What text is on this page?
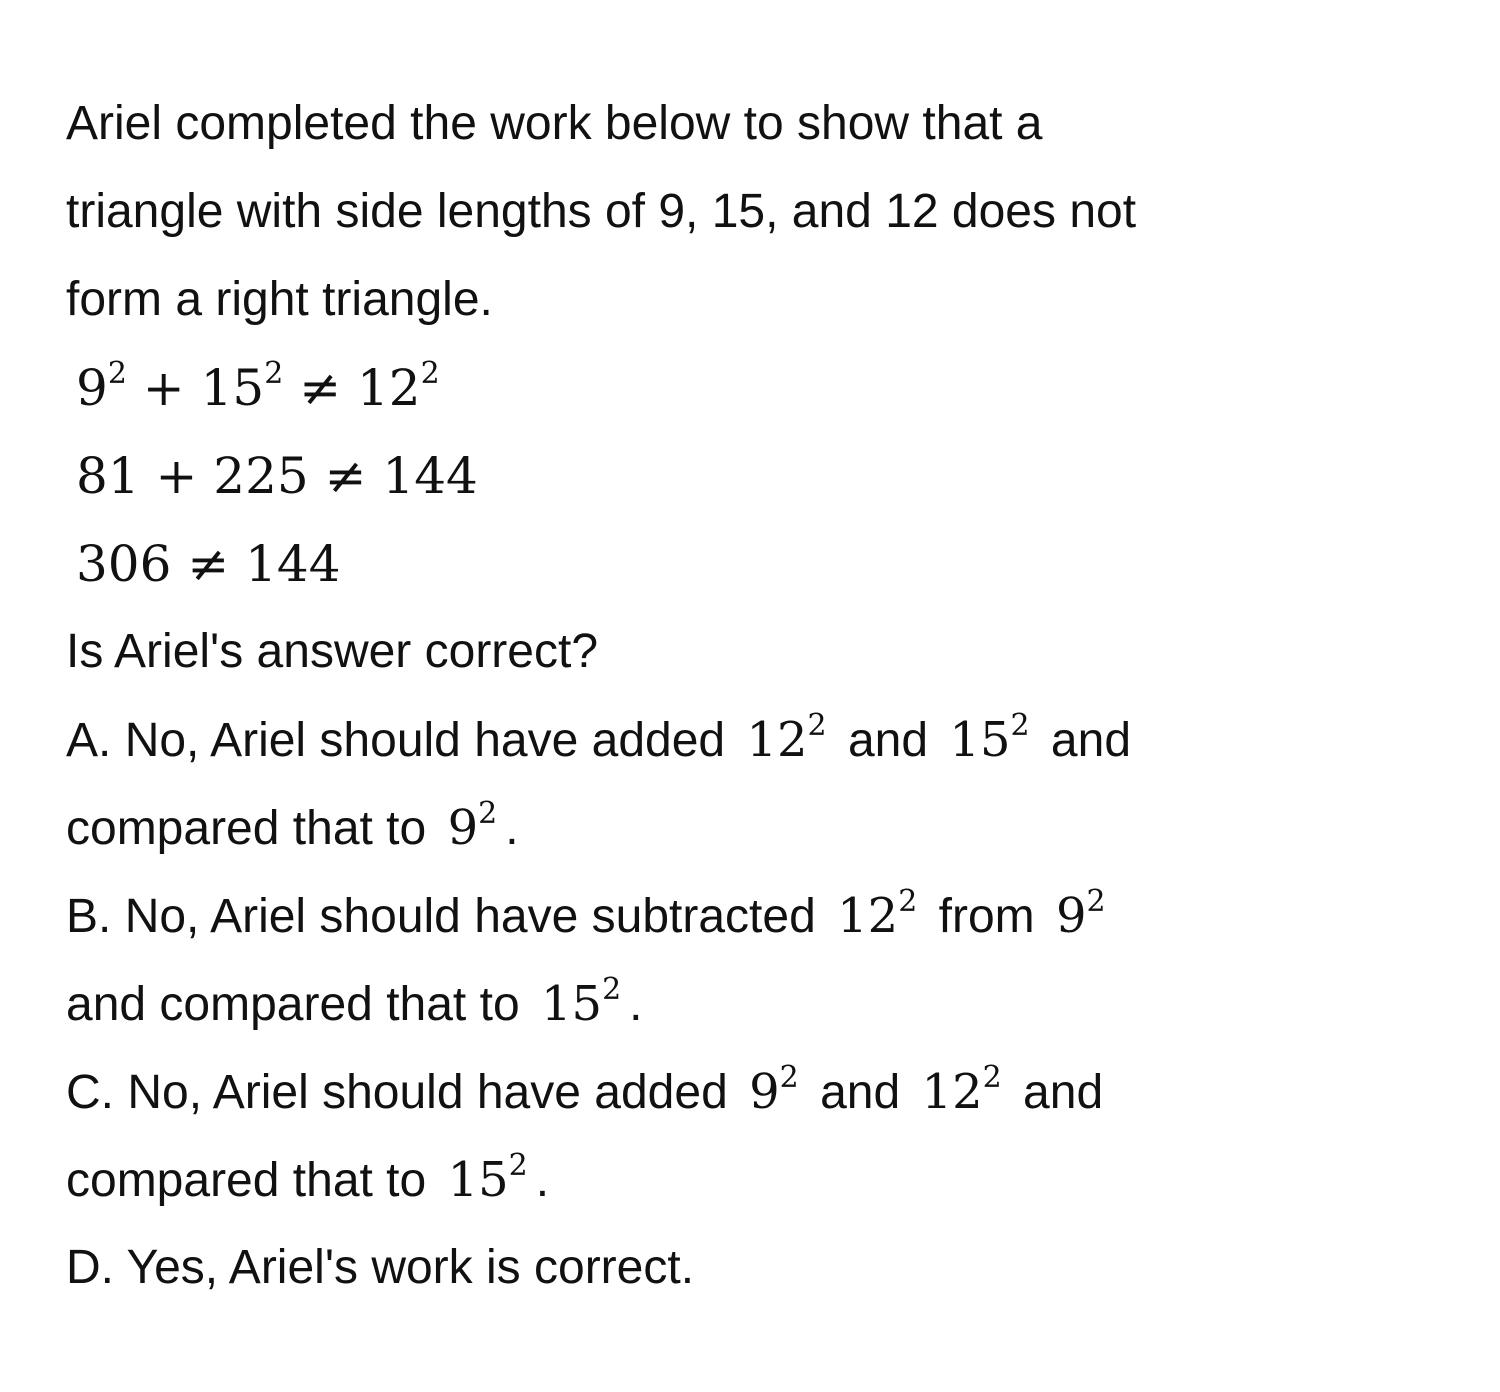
Ariel completed the work below to show that a
triangle with side lengths of 9, 15, and 12 does not
form a right triangle.
$9^2 + 15^2 \ne 12^2$
81 + 225 ≠ 144
306 ≠ 144
Is Ariel's answer correct?
A. No, Ariel should have added $12^2$ and $15^2$ and
compared that to $9^2$ .
B. No, Ariel should have subtracted $12^2$ from $9^2$
and compared that to $15^2$ .
C. No, Ariel should have added $9^2$ and $12^2$ and
compared that to $15^2$ .
D. Yes, Ariel's work is correct.
